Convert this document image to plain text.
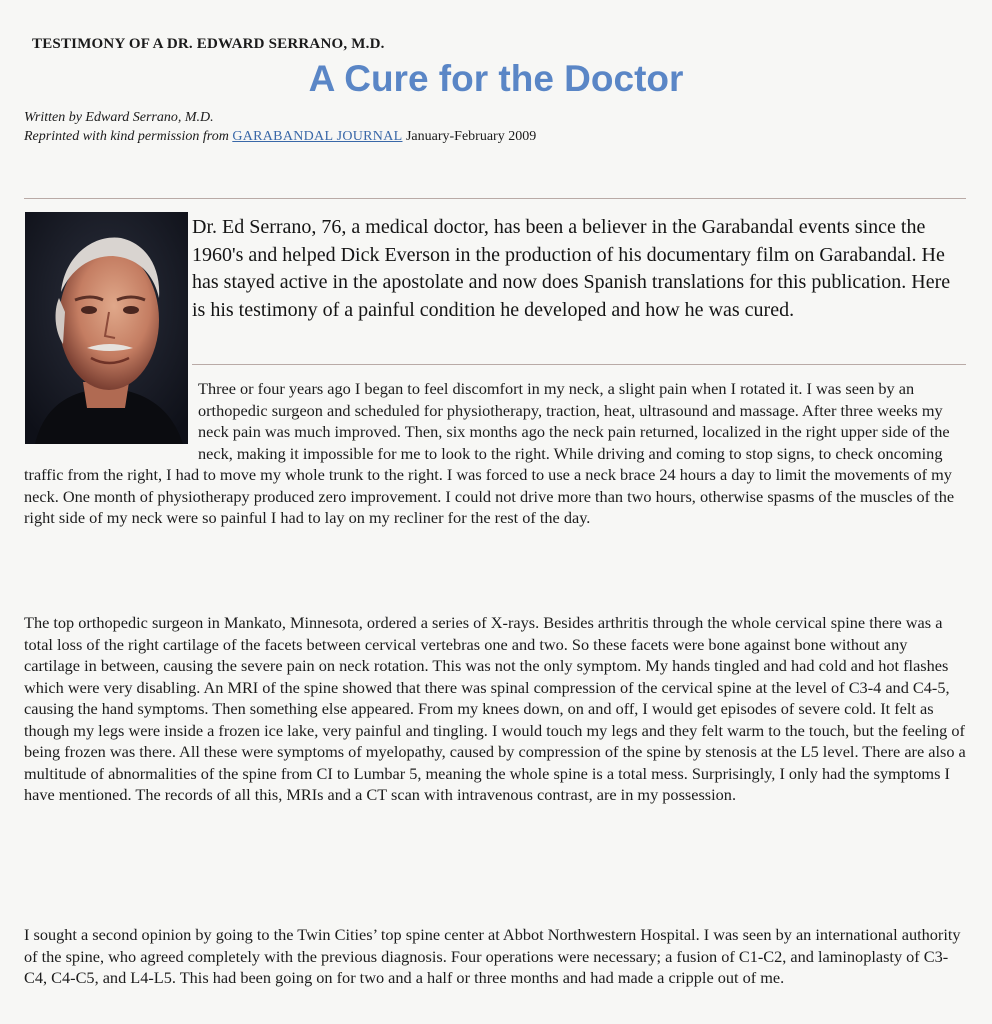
TESTIMONY OF A DR. EDWARD SERRANO, M.D.
A Cure for the Doctor
Written by Edward Serrano, M.D.
Reprinted with kind permission from GARABANDAL JOURNAL January-February 2009
Dr. Ed Serrano, 76, a medical doctor, has been a believer in the Garabandal events since the 1960's and helped Dick Everson in the production of his documentary film on Garabandal. He has stayed active in the apostolate and now does Spanish translations for this publication. Here is his testimony of a painful condition he developed and how he was cured.

Three or four years ago I began to feel discomfort in my neck, a slight pain when I rotated it. I was seen by an orthopedic surgeon and scheduled for physiotherapy, traction, heat, ultrasound and massage. After three weeks my neck pain was much improved. Then, six months ago the neck pain returned, localized in the right upper side of the neck, making it impossible for me to look to the right. While driving and coming to stop signs, to check oncoming traffic from the right, I had to move my whole trunk to the right. I was forced to use a neck brace 24 hours a day to limit the movements of my neck. One month of physiotherapy produced zero improvement. I could not drive more than two hours, otherwise spasms of the muscles of the right side of my neck were so painful I had to lay on my recliner for the rest of the day.

The top orthopedic surgeon in Mankato, Minnesota, ordered a series of X-rays. Besides arthritis through the whole cervical spine there was a total loss of the right cartilage of the facets between cervical vertebras one and two. So these facets were bone against bone without any cartilage in between, causing the severe pain on neck rotation. This was not the only symptom. My hands tingled and had cold and hot flashes which were very disabling. An MRI of the spine showed that there was spinal compression of the cervical spine at the level of C3-4 and C4-5, causing the hand symptoms. Then something else appeared. From my knees down, on and off, I would get episodes of severe cold. It felt as though my legs were inside a frozen ice lake, very painful and tingling. I would touch my legs and they felt warm to the touch, but the feeling of being frozen was there. All these were symptoms of myelopathy, caused by compression of the spine by stenosis at the L5 level. There are also a multitude of abnormalities of the spine from CI to Lumbar 5, meaning the whole spine is a total mess. Surprisingly, I only had the symptoms I have mentioned. The records of all this, MRIs and a CT scan with intravenous contrast, are in my possession.

I sought a second opinion by going to the Twin Cities’ top spine center at Abbot Northwestern Hospital. I was seen by an international authority of the spine, who agreed completely with the previous diagnosis. Four operations were necessary; a fusion of C1-C2, and laminoplasty of C3-C4, C4-C5, and L4-L5. This had been going on for two and a half or three months and had made a cripple out of me.
